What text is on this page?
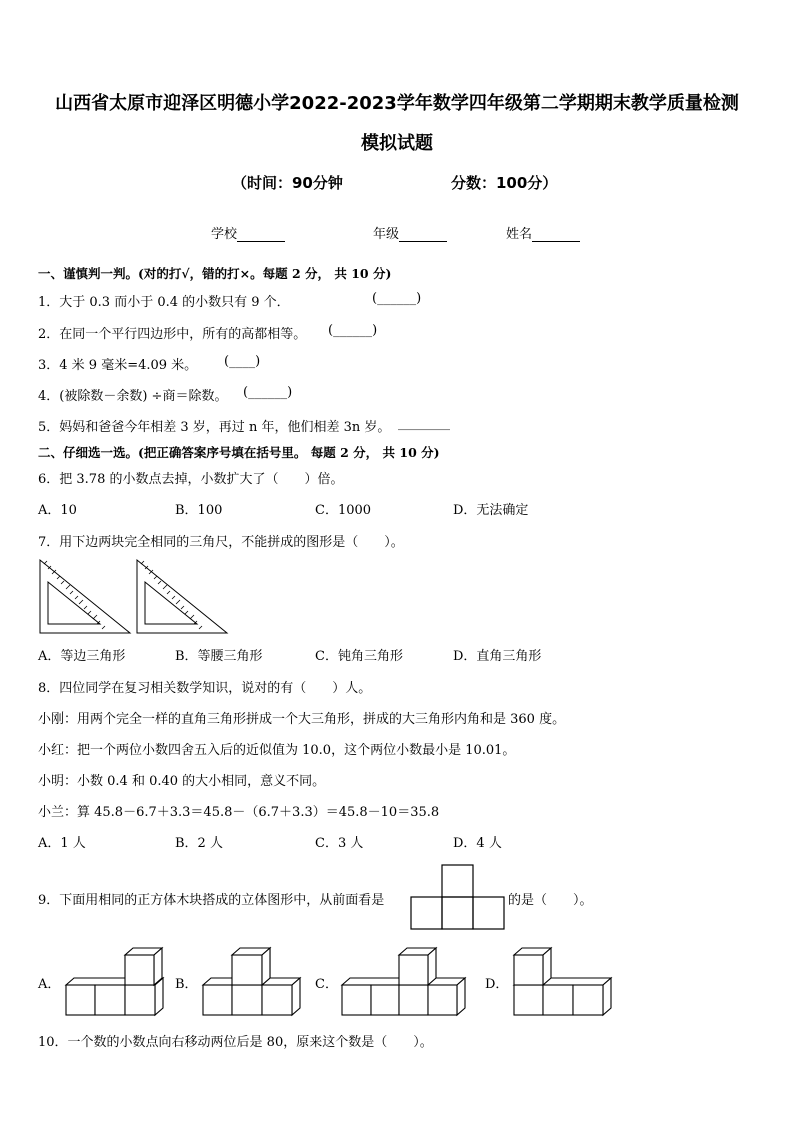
山西省太原市迎泽区明德小学2022-2023学年数学四年级第二学期期末教学质量检测
模拟试题
（时间：90分钟	分数：100分）
学校	年级	姓名
一、谨慎判一判。(对的打√，错的打×。每题 2 分， 共 10 分)
1．大于 0.3 而小于 0.4 的小数只有 9 个．	(______)
2．在同一个平行四边形中，所有的高都相等。 (______)
3．4 米 9 毫米=4.09 米。 (____)
4．(被除数－余数) ÷商＝除数。 (______)
5．妈妈和爸爸今年相差 3 岁，再过 n 年，他们相差 3n 岁。 ________
二、仔细选一选。(把正确答案序号填在括号里。 每题 2 分， 共 10 分)
6．把 3.78 的小数点去掉，小数扩大了（　　）倍。
A．10	B．100	C．1000	D．无法确定
7．用下边两块完全相同的三角尺，不能拼成的图形是（　　）。
A．等边三角形	B．等腰三角形	C．钝角三角形	D．直角三角形
8．四位同学在复习相关数学知识，说对的有（　　）人。
小刚：用两个完全一样的直角三角形拼成一个大三角形，拼成的大三角形内角和是 360 度。
小红：把一个两位小数四舍五入后的近似值为 10.0，这个两位小数最小是 10.01。
小明：小数 0.4 和 0.40 的大小相同，意义不同。
小兰：算 45.8－6.7＋3.3＝45.8－（6.7＋3.3）＝45.8－10＝35.8
A．1 人	B．2 人	C．3 人	D．4 人
9．下面用相同的正方体木块搭成的立体图形中，从前面看是	的是（　　）。
A．	B．	C．	D．
10．一个数的小数点向右移动两位后是 80，原来这个数是（　　）。
